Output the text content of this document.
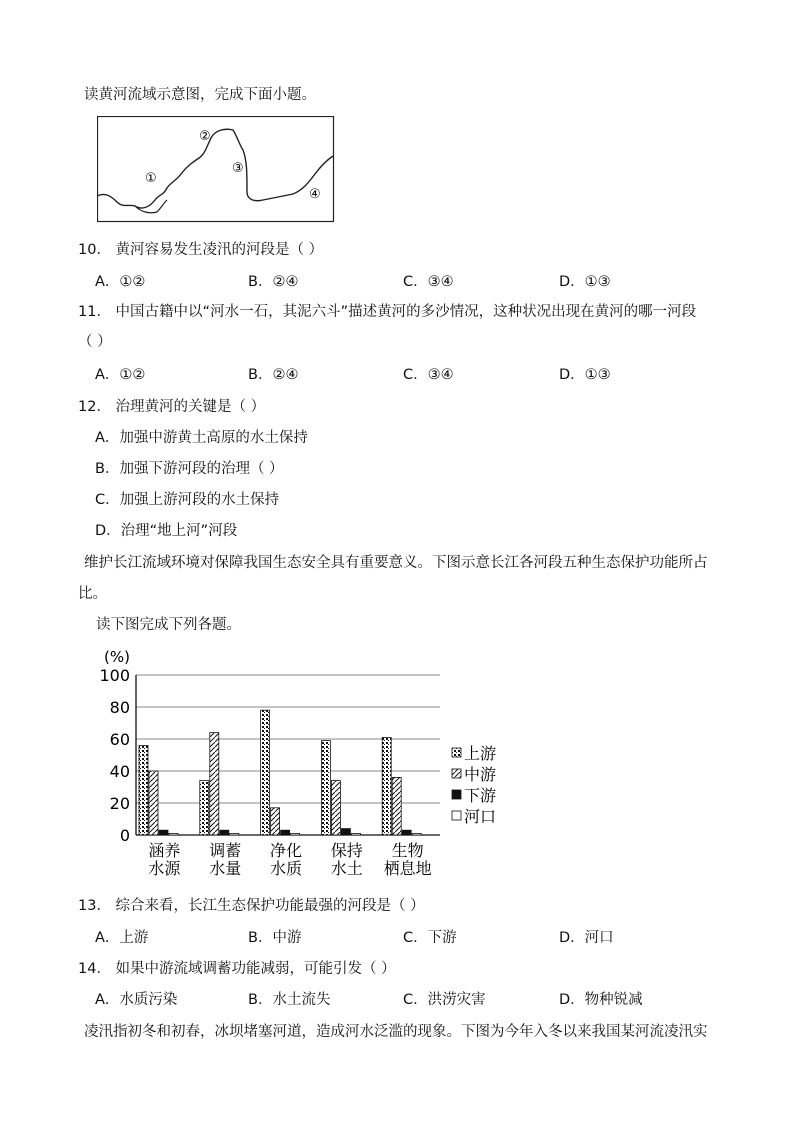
读黄河流域示意图，完成下面小题。
②
①
③
④
10． 黄河容易发生凌汛的河段是（ ）
A．①②	B．②④	C．③④	D．①③
11． 中国古籍中以“河水一石，其泥六斗”描述黄河的多沙情况，这种状况出现在黄河的哪一河段
（ ）
A．①②	B．②④	C．③④	D．①③
12． 治理黄河的关键是（ ）
A．加强中游黄土高原的水土保持
B．加强下游河段的治理（ ）
C．加强上游河段的水土保持
D．治理“地上河”河段
维护长江流域环境对保障我国生态安全具有重要意义。下图示意长江各河段五种生态保护功能所占
比。
读下图完成下列各题。
0
20
40
60
80
100
涵养
水源
调蓄
水量
净化
水质
保持
水土
生物
栖息地
上游
中游
下游
河口
(%)
13． 综合来看，长江生态保护功能最强的河段是（ ）
A．上游	B．中游	C．下游	D．河口
14． 如果中游流域调蓄功能减弱，可能引发（ ）
A．水质污染	B．水土流失	C．洪涝灾害	D．物种锐减
凌汛指初冬和初春，冰坝堵塞河道，造成河水泛滥的现象。下图为今年入冬以来我国某河流凌汛实
